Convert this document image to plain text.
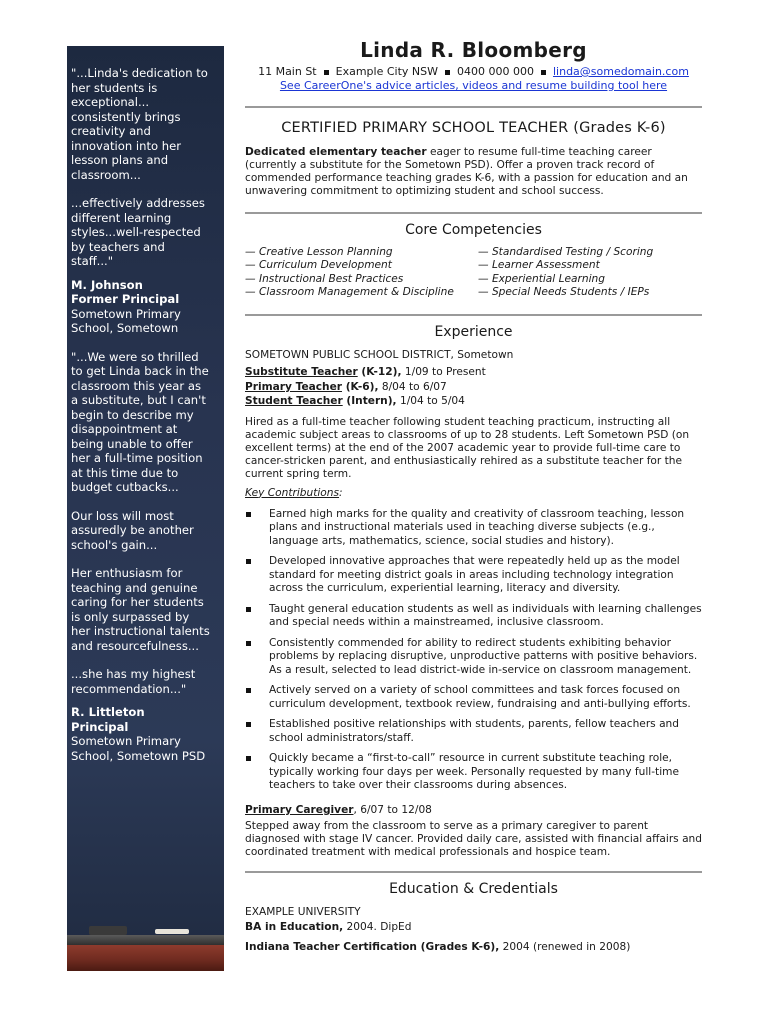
"...Linda's dedication to

her students is

exceptional...

consistently brings

creativity and

innovation into her

lesson plans and

classroom...

...effectively addresses

different learning

styles...well-respected

by teachers and

staff..."

M. Johnson

Former Principal

Sometown Primary

School, Sometown

"...We were so thrilled

to get Linda back in the

classroom this year as

a substitute, but I can't

begin to describe my

disappointment at

being unable to offer

her a full-time position

at this time due to

budget cutbacks...

Our loss will most

assuredly be another

school's gain...

Her enthusiasm for

teaching and genuine

caring for her students

is only surpassed by

her instructional talents

and resourcefulness...

...she has my highest

recommendation..."

R. Littleton

Principal

Sometown Primary

School, Sometown PSD

Linda R. Bloomberg
11 Main St Example City NSW 0400 000 000 linda@somedomain.com
See CareerOne's advice articles, videos and resume building tool here
CERTIFIED PRIMARY SCHOOL TEACHER (Grades K-6)
Dedicated elementary teacher eager to resume full-time teaching career (currently a substitute for the Sometown PSD). Offer a proven track record of commended performance teaching grades K-6, with a passion for education and an unwavering commitment to optimizing student and school success.
Core Competencies
— Creative Lesson Planning
— Curriculum Development
— Instructional Best Practices
— Classroom Management & Discipline
— Standardised Testing / Scoring
— Learner Assessment
— Experiential Learning
— Special Needs Students / IEPs
Experience
SOMETOWN PUBLIC SCHOOL DISTRICT, Sometown
Substitute Teacher (K-12), 1/09 to Present
Primary Teacher (K-6), 8/04 to 6/07
Student Teacher (Intern), 1/04 to 5/04
Hired as a full-time teacher following student teaching practicum, instructing all academic subject areas to classrooms of up to 28 students. Left Sometown PSD (on excellent terms) at the end of the 2007 academic year to provide full-time care to cancer-stricken parent, and enthusiastically rehired as a substitute teacher for the current spring term.
Key Contributions:
Earned high marks for the quality and creativity of classroom teaching, lesson plans and instructional materials used in teaching diverse subjects (e.g., language arts, mathematics, science, social studies and history).
Developed innovative approaches that were repeatedly held up as the model standard for meeting district goals in areas including technology integration across the curriculum, experiential learning, literacy and diversity.
Taught general education students as well as individuals with learning challenges and special needs within a mainstreamed, inclusive classroom.
Consistently commended for ability to redirect students exhibiting behavior problems by replacing disruptive, unproductive patterns with positive behaviors. As a result, selected to lead district-wide in-service on classroom management.
Actively served on a variety of school committees and task forces focused on curriculum development, textbook review, fundraising and anti-bullying efforts.
Established positive relationships with students, parents, fellow teachers and school administrators/staff.
Quickly became a “first-to-call” resource in current substitute teaching role, typically working four days per week. Personally requested by many full-time teachers to take over their classrooms during absences.
Primary Caregiver, 6/07 to 12/08
Stepped away from the classroom to serve as a primary caregiver to parent diagnosed with stage IV cancer. Provided daily care, assisted with financial affairs and coordinated treatment with medical professionals and hospice team.
Education & Credentials
EXAMPLE UNIVERSITY
BA in Education, 2004. DipEd
Indiana Teacher Certification (Grades K-6), 2004 (renewed in 2008)
